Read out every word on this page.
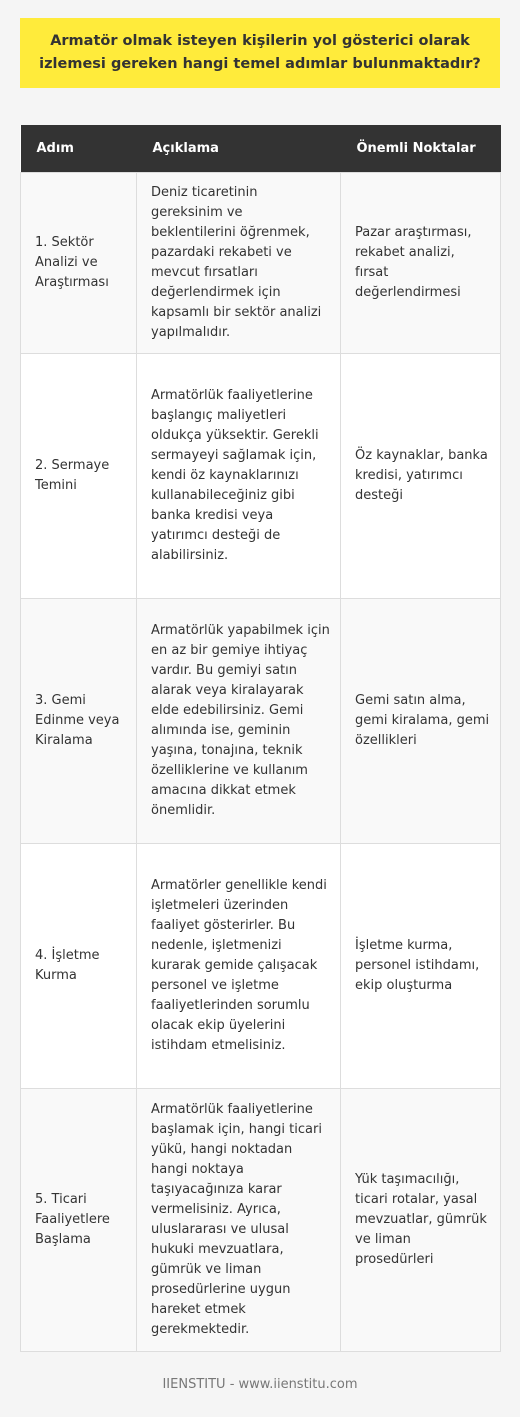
Armatör olmak isteyen kişilerin yol gösterici olarak izlemesi gereken hangi temel adımlar bulunmaktadır?
Adım	Açıklama	Önemli Noktalar
1. Sektör Analizi ve Araştırması	Deniz ticaretinin gereksinim ve beklentilerini öğrenmek, pazardaki rekabeti ve mevcut fırsatları değerlendirmek için kapsamlı bir sektör analizi yapılmalıdır.	Pazar araştırması, rekabet analizi, fırsat değerlendirmesi
2. Sermaye Temini	Armatörlük faaliyetlerine başlangıç maliyetleri oldukça yüksektir. Gerekli sermayeyi sağlamak için, kendi öz kaynaklarınızı kullanabileceğiniz gibi banka kredisi veya yatırımcı desteği de alabilirsiniz.	Öz kaynaklar, banka kredisi, yatırımcı desteği
3. Gemi Edinme veya Kiralama	Armatörlük yapabilmek için en az bir gemiye ihtiyaç vardır. Bu gemiyi satın alarak veya kiralayarak elde edebilirsiniz. Gemi alımında ise, geminin yaşına, tonajına, teknik özelliklerine ve kullanım amacına dikkat etmek önemlidir.	Gemi satın alma, gemi kiralama, gemi özellikleri
4. İşletme Kurma	Armatörler genellikle kendi işletmeleri üzerinden faaliyet gösterirler. Bu nedenle, işletmenizi kurarak gemide çalışacak personel ve işletme faaliyetlerinden sorumlu olacak ekip üyelerini istihdam etmelisiniz.	İşletme kurma, personel istihdamı, ekip oluşturma
5. Ticari Faaliyetlere Başlama	Armatörlük faaliyetlerine başlamak için, hangi ticari yükü, hangi noktadan hangi noktaya taşıyacağınıza karar vermelisiniz. Ayrıca, uluslararası ve ulusal hukuki mevzuatlara, gümrük ve liman prosedürlerine uygun hareket etmek gerekmektedir.	Yük taşımacılığı, ticari rotalar, yasal mevzuatlar, gümrük ve liman prosedürleri
IIENSTITU - www.iienstitu.com
